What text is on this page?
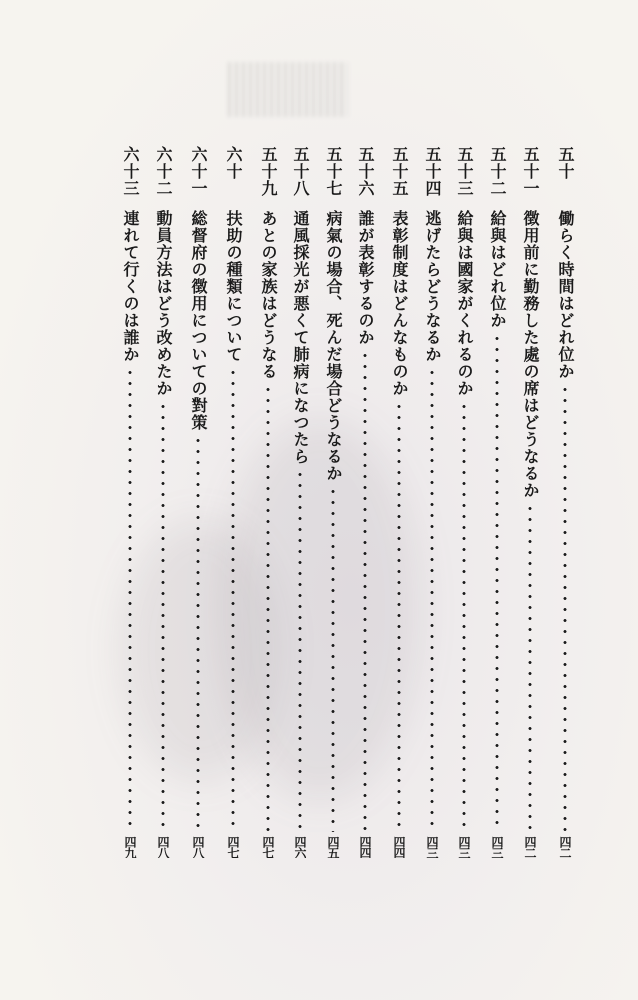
五十
働らく時間はどれ位か
四二
五十一
徴用前に勤務した處の席はどうなるか
四二
五十二
給與はどれ位か
四三
五十三
給與は國家がくれるのか
四三
五十四
逃げたらどうなるか
四三
五十五
表彰制度はどんなものか
四四
五十六
誰が表彰するのか
四四
五十七
病氣の場合、死んだ場合どうなるか
四五
五十八
通風採光が悪くて肺病になつたら
四六
五十九
あとの家族はどうなる
四七
六十
扶助の種類について
四七
六十一
総督府の徴用についての對策
四八
六十二
動員方法はどう改めたか
四八
六十三
連れて行くのは誰か
四九
